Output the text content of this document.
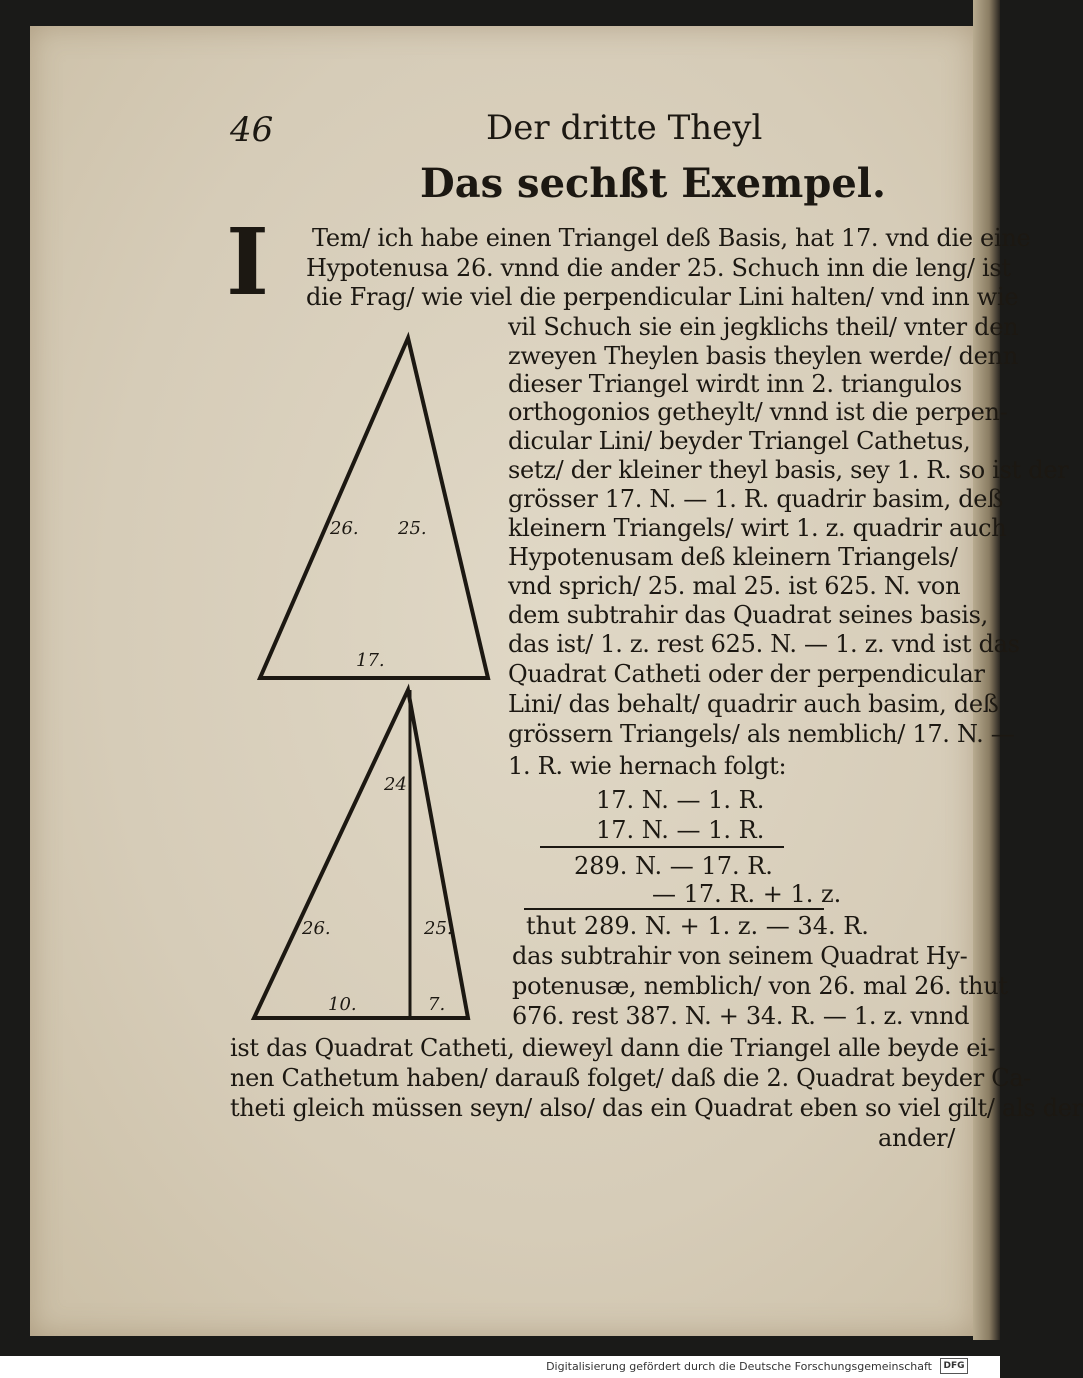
46	Der dritte Theyl
Das sechßt Exempel.
I	Tem/ ich habe einen Triangel deß Basis, hat 17. vnd die eine
Hypotenusa 26. vnnd die ander 25. Schuch inn die leng/ ist
die Frag/ wie viel die perpendicular Lini halten/ vnd inn wie
vil Schuch sie ein jegklichs theil/ vnter den
zweyen Theylen basis theylen werde/ denn
dieser Triangel wirdt inn 2. triangulos
orthogonios getheylt/ vnnd ist die perpen-
dicular Lini/ beyder Triangel Cathetus,
setz/ der kleiner theyl basis, sey 1. R. so ist der
grösser 17. N. — 1. R. quadrir basim, deß
kleinern Triangels/ wirt 1. z. quadrir auch
Hypotenusam deß kleinern Triangels/
vnd sprich/ 25. mal 25. ist 625. N. von
dem subtrahir das Quadrat seines basis,
das ist/ 1. z. rest 625. N. — 1. z. vnd ist das
Quadrat Catheti oder der perpendicular
Lini/ das behalt/ quadrir auch basim, deß
grössern Triangels/ als nemblich/ 17. N. —
1. R. wie hernach folgt:
17. N. — 1. R.
17. N. — 1. R.
289. N. — 17. R.
— 17. R. + 1. z.
thut 289. N. + 1. z. — 34. R.
das subtrahir von seinem Quadrat Hy-
potenusæ, nemblich/ von 26. mal 26. thut
676. rest 387. N. + 34. R. — 1. z. vnnd
ist das Quadrat Catheti, dieweyl dann die Triangel alle beyde ei-
nen Cathetum haben/ darauß folget/ daß die 2. Quadrat beyder Ca-
theti gleich müssen seyn/ also/ das ein Quadrat eben so viel gilt/ als der
ander/
26. 25.
17.
24.
26.	25.
10.	7.
Digitalisierung gefördert durch die Deutsche Forschungsgemeinschaft	DFG
